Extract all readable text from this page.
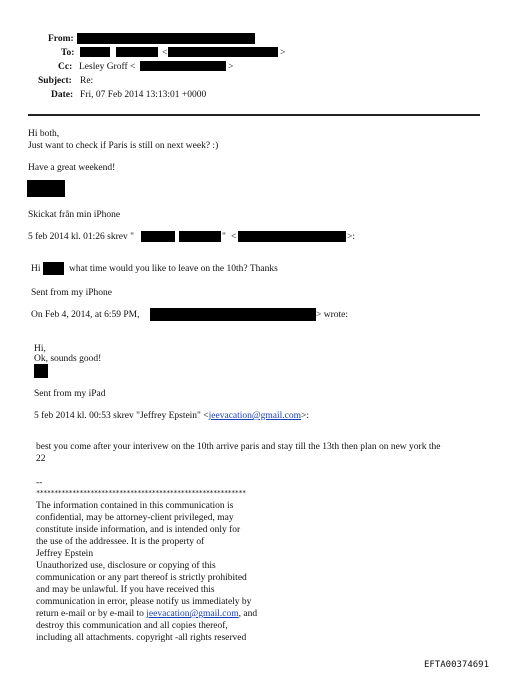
From:
To:	<	>
Cc: Lesley Groff <	>
Subject: Re:
Date: Fri, 07 Feb 2014 13:13:01 +0000
Hi both,
Just want to check if Paris is still on next week? :)
Have a great weekend!
Skickat från min iPhone
5 feb 2014 kl. 01:26 skrev "	" <	>:
Hi	what time would you like to leave on the 10th? Thanks
Sent from my iPhone
On Feb 4, 2014, at 6:59 PM,	> wrote:
Hi,
Ok, sounds good!
Sent from my iPad
5 feb 2014 kl. 00:53 skrev "Jeffrey Epstein" <jeevacation@gmail.com>:
best you come after your interivew on the 10th arrive paris and stay till the 13th then plan on new york the
22
--
**********************************************************
The information contained in this communication is
confidential, may be attorney-client privileged, may
constitute inside information, and is intended only for
the use of the addressee. It is the property of
Jeffrey Epstein
Unauthorized use, disclosure or copying of this
communication or any part thereof is strictly prohibited
and may be unlawful. If you have received this
communication in error, please notify us immediately by
return e-mail or by e-mail to jeevacation@gmail.com, and
destroy this communication and all copies thereof,
including all attachments. copyright -all rights reserved
EFTA00374691
